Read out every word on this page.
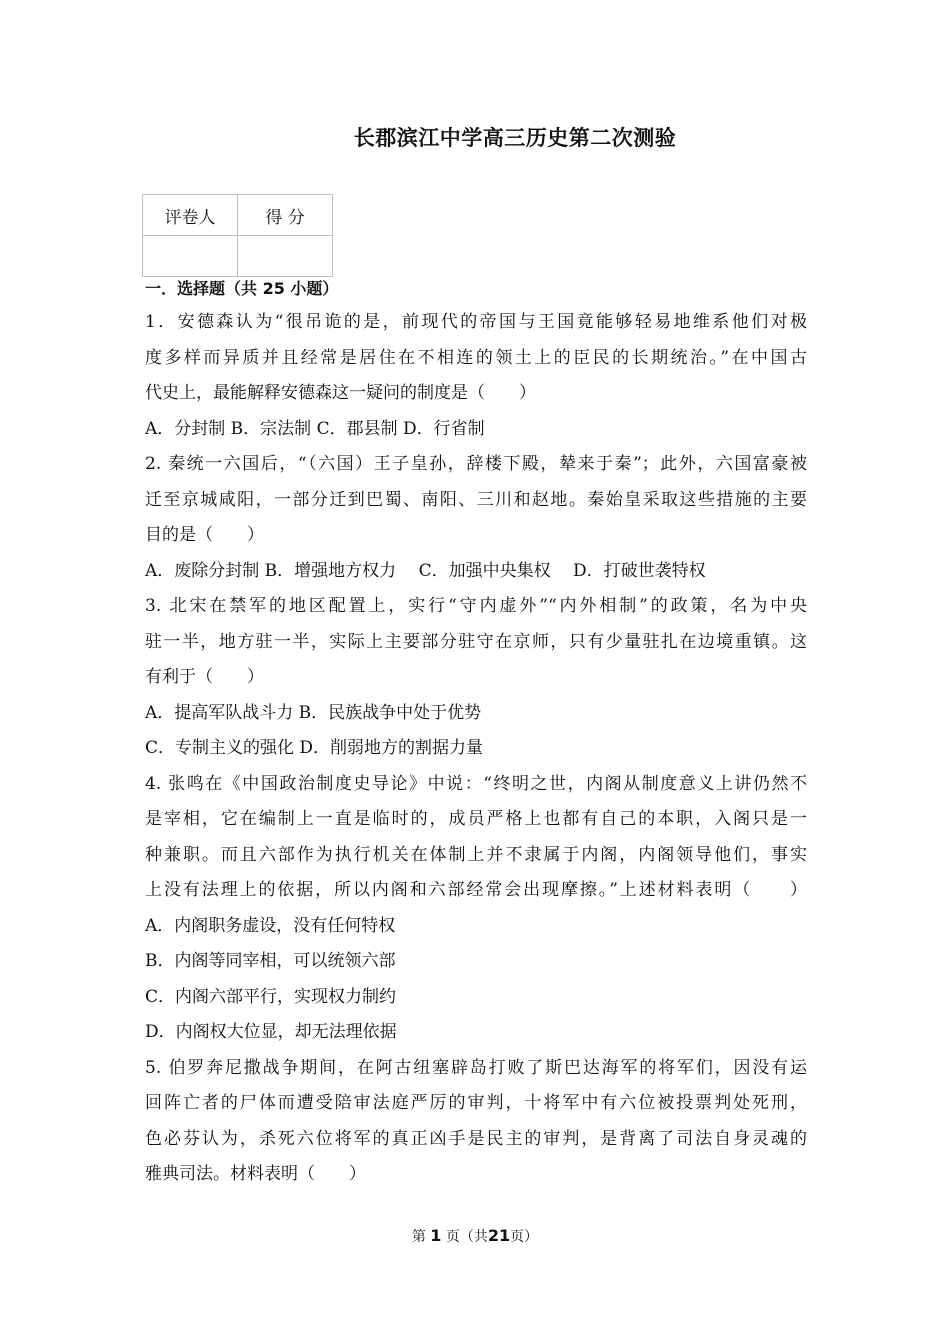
长郡滨江中学高三历史第二次测验
评卷人	得 分

一．选择题（共 25 小题）
1．安德森认为“很吊诡的是，前现代的帝国与王国竟能够轻易地维系他们对极
度多样而异质并且经常是居住在不相连的领土上的臣民的长期统治。”在中国古
代史上，最能解释安德森这一疑问的制度是（　　）
A．分封制 B．宗法制 C．郡县制 D．行省制
2. 秦统一六国后，“（六国）王子皇孙，辞楼下殿，辇来于秦”；此外，六国富豪被
迁至京城咸阳，一部分迁到巴蜀、南阳、三川和赵地。秦始皇采取这些措施的主要
目的是（　　）
A．废除分封制 B．增强地方权力　 C．加强中央集权　 D．打破世袭特权
3. 北宋在禁军的地区配置上，实行“守内虚外”“内外相制”的政策，名为中央
驻一半，地方驻一半，实际上主要部分驻守在京师，只有少量驻扎在边境重镇。这
有利于（　　）
A．提高军队战斗力 B．民族战争中处于优势
C．专制主义的强化 D．削弱地方的割据力量
4. 张鸣在《中国政治制度史导论》中说：“终明之世，内阁从制度意义上讲仍然不
是宰相，它在编制上一直是临时的，成员严格上也都有自己的本职，入阁只是一
种兼职。而且六部作为执行机关在体制上并不隶属于内阁，内阁领导他们，事实
上没有法理上的依据，所以内阁和六部经常会出现摩擦。”上述材料表明（　　）
A．内阁职务虚设，没有任何特权
B．内阁等同宰相，可以统领六部
C．内阁六部平行，实现权力制约
D．内阁权大位显，却无法理依据
5. 伯罗奔尼撒战争期间，在阿古纽塞辟岛打败了斯巴达海军的将军们，因没有运
回阵亡者的尸体而遭受陪审法庭严厉的审判，十将军中有六位被投票判处死刑，
色必芬认为，杀死六位将军的真正凶手是民主的审判，是背离了司法自身灵魂的
雅典司法。材料表明（　　）
第 1 页（共21页）
